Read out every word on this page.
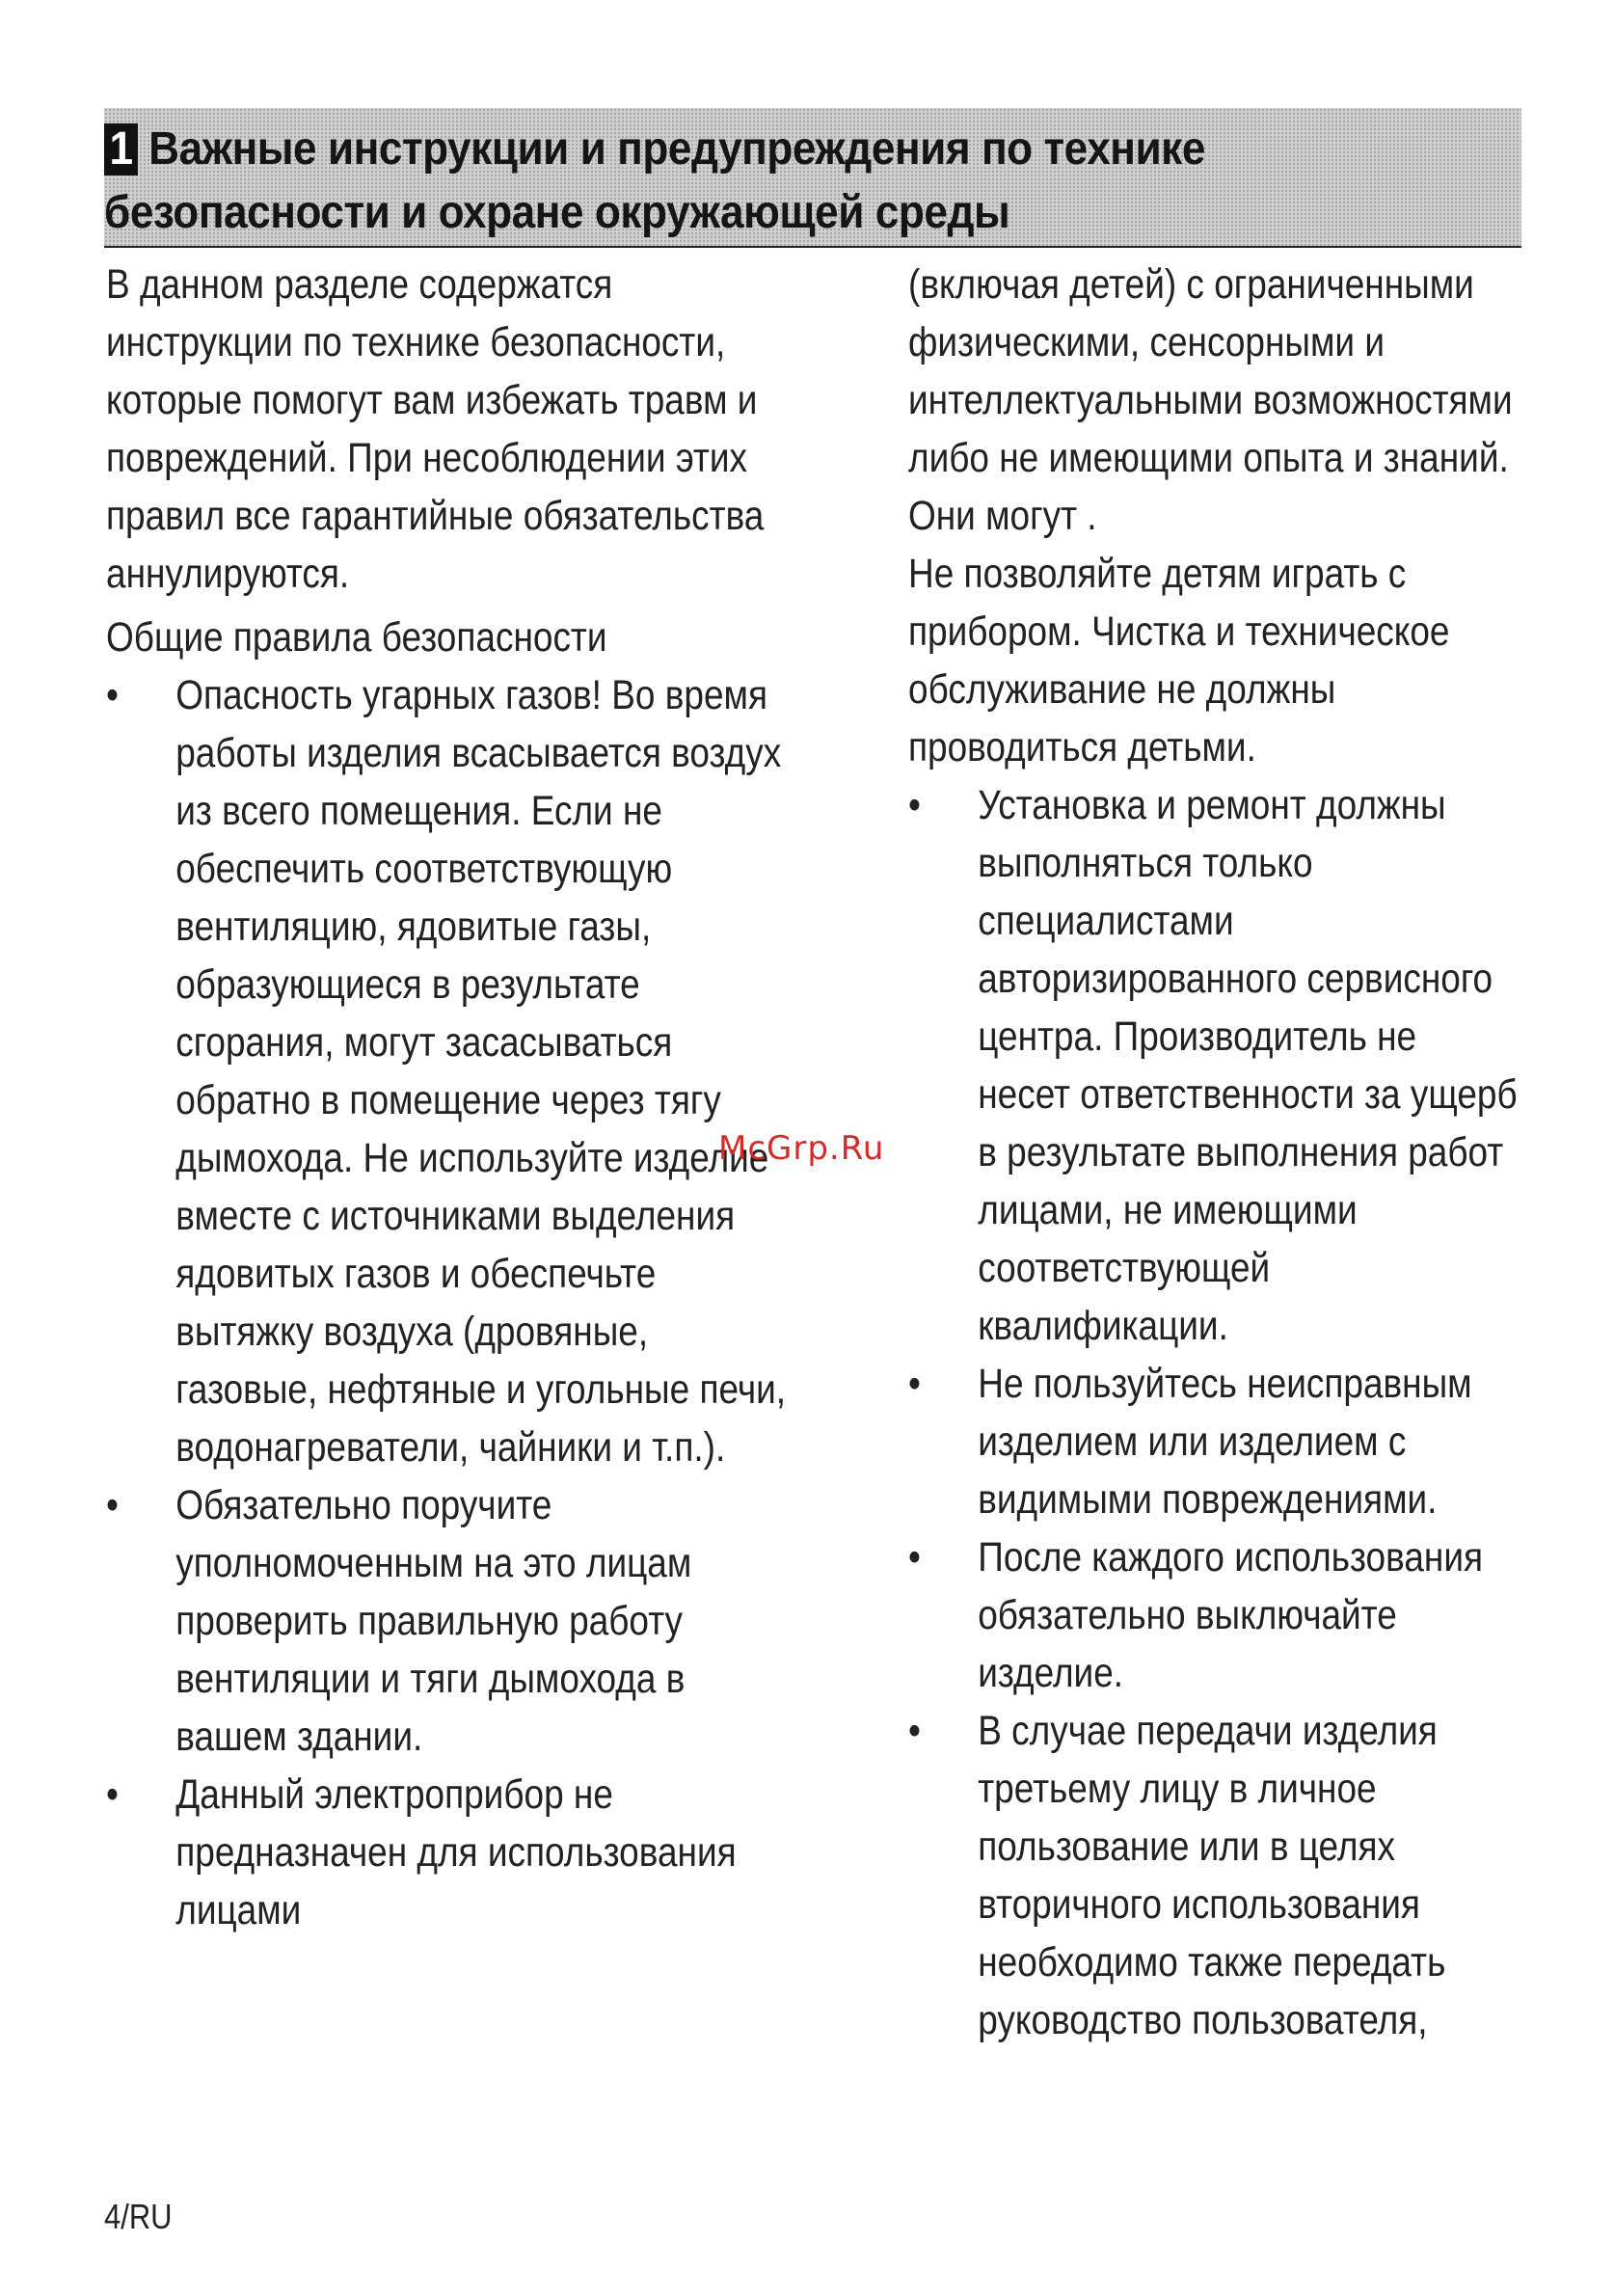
1 Важные инструкции и предупреждения по технике безопасности и охране окружающей среды

В данном разделе содержатся инструкции по технике безопасности, которые помогут вам избежать травм и повреждений. При несоблюдении этих правил все гарантийные обязательства аннулируются.

Общие правила безопасности

• Опасность угарных газов! Во время работы изделия всасывается воздух из всего помещения. Если не обеспечить соответствующую вентиляцию, ядовитые газы, образующиеся в результате сгорания, могут засасываться обратно в помещение через тягу дымохода. Не используйте изделие вместе с источниками выделения ядовитых газов и обеспечьте вытяжку воздуха (дровяные, газовые, нефтяные и угольные печи, водонагреватели, чайники и т.п.).
• Обязательно поручите уполномоченным на это лицам проверить правильную работу вентиляции и тяги дымохода в вашем здании.
• Данный электроприбор не предназначен для использования лицами

(включая детей) с ограниченными физическими, сенсорными и интеллектуальными возможностями либо не имеющими опыта и знаний. Они могут .

Не позволяйте детям играть с прибором. Чистка и техническое обслуживание не должны проводиться детьми.

• Установка и ремонт должны выполняться только специалистами авторизированного сервисного центра. Производитель не несет ответственности за ущерб в результате выполнения работ лицами, не имеющими соответствующей квалификации.
• Не пользуйтесь неисправным изделием или изделием с видимыми повреждениями.
• После каждого использования обязательно выключайте изделие.
• В случае передачи изделия третьему лицу в личное пользование или в целях вторичного использования необходимо также передать руководство пользователя,
McGrp.Ru
4/RU
